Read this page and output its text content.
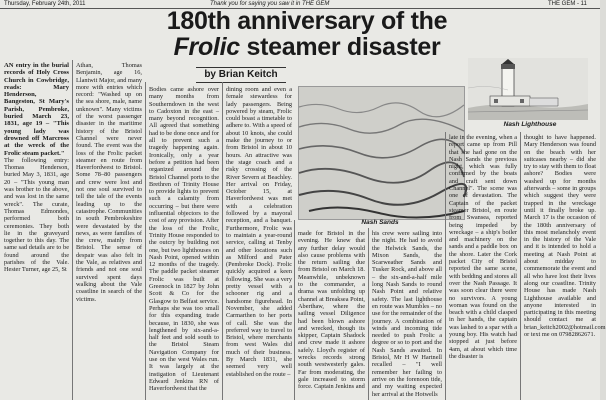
Thursday, February 24th, 2011	Thank you for saying you saw it in THE GEM	THE GEM - 11
180th anniversary of the
Frolic steamer disaster
by Brian Keitch
Nash Lighthouse
Nash Sands

AN entry in the burial records of Holy Cross Church in Cowbridge, reads: Mary Henderson, Bangeston, St Mary's Parish, Pembroke, buried March 23, 1831, age 19 – "This young lady was drowned off Marcross at the wreck of the Frolic steam packet."

The following entry: Thomas Henderson, buried May 3, 1831, age 20 – "This young man was brother to the above, and was lost in the same wreck". The curate, Thomas Edmondes, performed both ceremonies. They both lie in the graveyard together to this day. The same sad details are to be found around the parishes of the Vale. Hester Turner, age 25, St

Athan, Thomas Benjamin, age 16, Llantwit Major, and many more with entries which record: "Washed up on the sea shore, male, name unknown". Many victims of the worst passenger disaster in the maritime history of the Bristol Channel were never found. The event was the loss of the Frolic packet steamer en route from Haverfordwest to Bristol. Some 78–80 passengers and crew were lost and not one soul survived to tell the tale of the events leading up to the catastrophe. Communities in south Pembrokeshire were devastated by the news, as were families of the crew, mainly from Bristol. The sense of despair was also felt in the Vale, as relatives and friends and not one soul survived spent days walking about the Vale coastline in search of the victims.

Bodies came ashore over many months from Southerndown in the west to Cadoxton in the east – many beyond recognition. All agreed that something had to be done once and for all to prevent such a tragedy happening again. Ironically, only a year before a petition had been organized around the Bristol Channel ports to the Brethren of Trinity House to provide lights to prevent such a calamity from occurring – but there were influential objectors to the cost of any provision. After the loss of the Frolic, Trinity House responded to the outcry by building not one, but two lighthouses on Nash Point, opened within 12 months of the tragedy. The paddle packet steamer Frolic was built at Greenock in 1827 by John Scott & Co for the Glasgow to Belfast service. Perhaps she was too small for this expanding trade because, in 1830, she was lengthened by six-and-a-half feet and sold south to the Bristol Steam Navigation Company for use on the west Wales run. It was largely at the instigation of Lieutenant Edward Jenkins RN of Haverfordwest that the

dining room and even a female stewardess for lady passengers. Being powered by steam, Frolic could boast a timetable to adhere to. With a speed of about 10 knots, she could make the journey to or from Bristol in about 10 hours. An attractive was the stage coach and a risky crossing of the River Severn at Beachley. Her arrival on Friday, October 15, at Haverfordwest was met with a celebration followed by a mayoral reception, and a banquet. Furthermore, Frolic was to maintain a year-round service, calling at Tenby and other locations such as Milford and Pater (Pembroke Dock). Frolic quickly acquired a keen following. She was a very pretty vessel with a schooner rig and a handsome figurehead. In November, she added Carmarthen to her ports of call. She was the preferred way to travel to Bristol, where merchants from west Wales did much of their business. By March 1831, she seemed very well established on the route –

made for Bristol in the evening. He knew that any further delay would also cause problems with the return sailing due from Bristol on March 18. Meanwhile, unbeknown to the commander, a drama was unfolding up channel at Breaksea Point, Aberthaw, where the sailing vessel Diligence had been blown ashore and wrecked, though its skipper, Captain Shadock and crew made it ashore safely. Lloyd's register of wrecks records strong south westwesterly gales. Far from moderating, the gale increased to storm force. Captain Jenkins and

his crew were sailing into the night. He had to avoid the Helwick Sands, the Mixon Sands, the Scarweather Sands and Tusker Rock, and above all – the six-and-a-half mile long Nash Sands to round Nash Point and relative safety. The last lighthouse en route was Mumbles – no use for the remainder of the journey. A combination of winds and incoming tide needed to push Frolic a degree or so to port and the Nash Sands awaited. In Bristol, Mr H W Hartnell recalled – "I well remember her failing to arrive on the forenoon tide, and my waiting expected her arrival at the Hotwells

late in the evening, when a report came up from Pill that she had gone on the Nash Sands the previous night, which was fully confirmed by the boats and craft sent down Channel". The scene was one of devastation. The Captain of the packet steamer Bristol, en route from Swansea, reported being impeded by wreckage – a ship's boiler and machinery on the sands and a paddle box on the shore. Later the Cork packet City of Bristol reported the same scene, with bedding and stores all over the Nash Passage. It was soon clear there were no survivors. A young woman was found on the beach with a child clasped in her hands, the captain was lashed to a spar with a young boy. His watch had stopped at just before 4am, at about which time the disaster is

thought to have happened. Mary Henderson was found on the beach with her suitcases nearby – did she try to stay with them to float ashore? Bodies were washed up for months afterwards – some in groups which suggest they were trapped in the wreckage until it finally broke up. March 17 is the occasion of the 180th anniversary of this most melancholy event in the history of the Vale and it is intended to hold a meeting at Nash Point at about midday to commemorate the event and all who have lost their lives along our coastline. Trinity House has made Nash Lighthouse available and anyone interested in participating in this meeting should contact me at brian_keitch2002@hotmail.com or text me on 07982862671.
